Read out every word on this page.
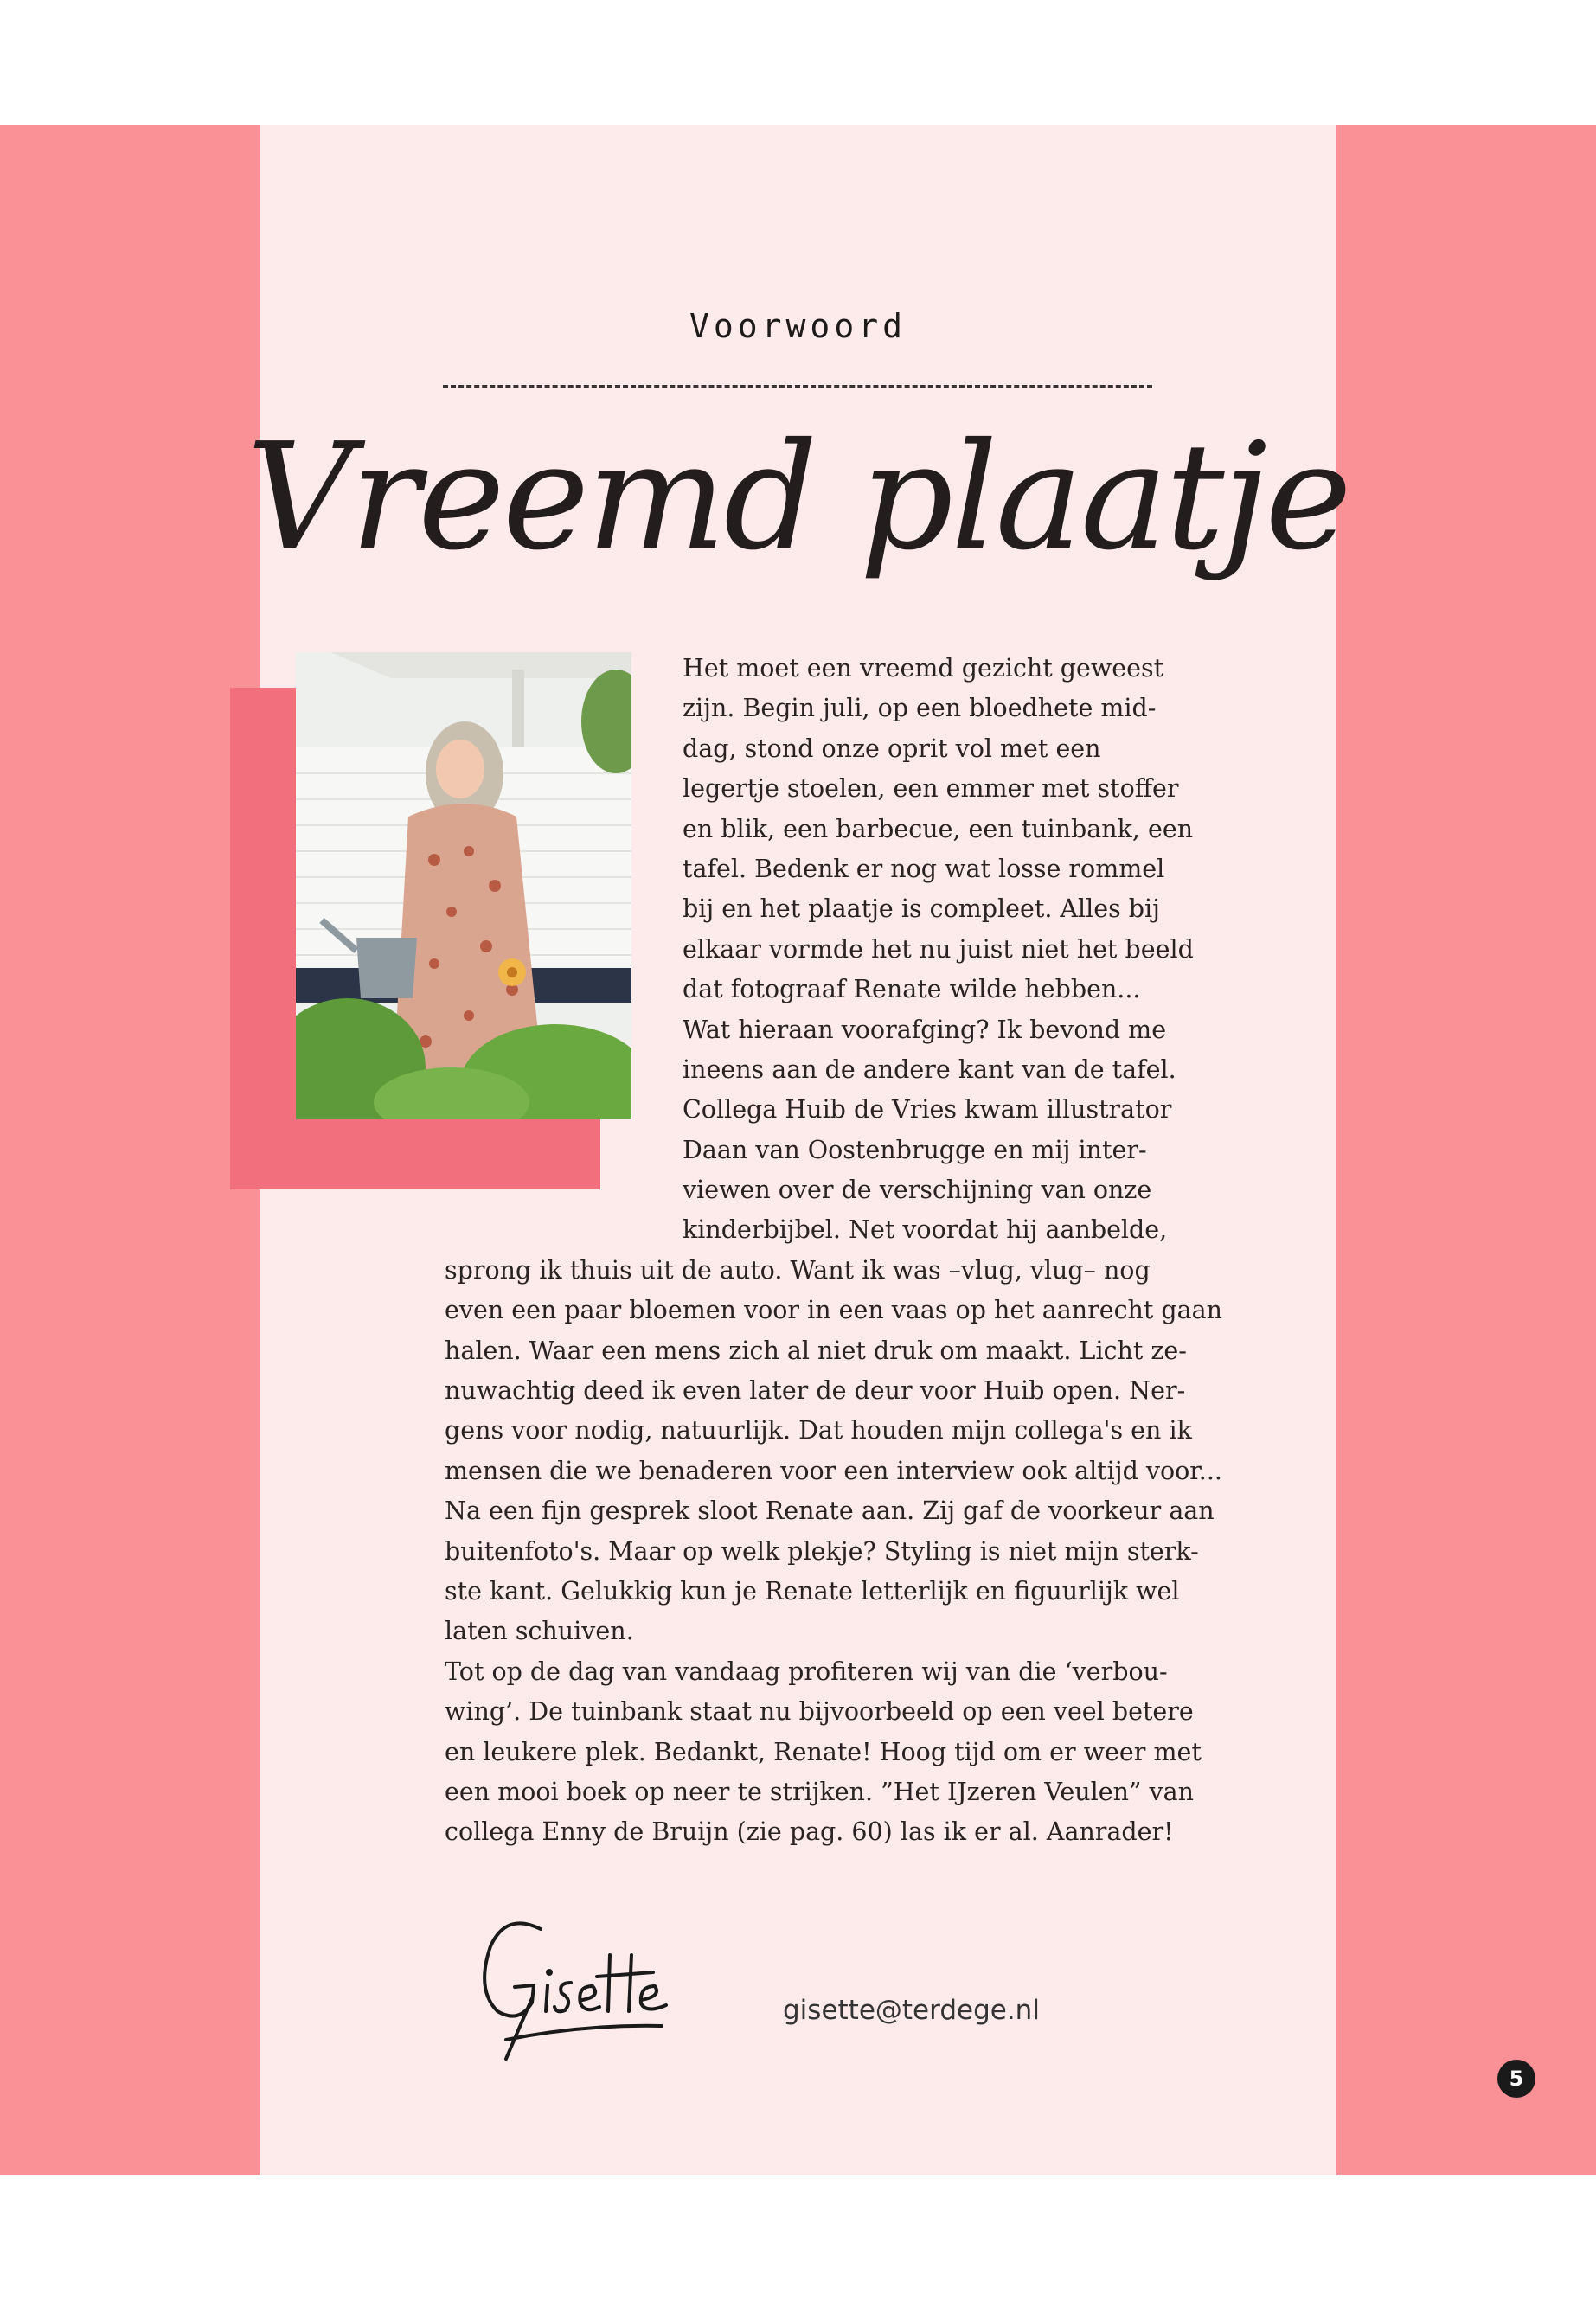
Voorwoord
Vreemd plaatje
Het moet een vreemd gezicht geweest
zijn. Begin juli, op een bloedhete mid-
dag, stond onze oprit vol met een
legertje stoelen, een emmer met stoffer
en blik, een barbecue, een tuinbank, een
tafel. Bedenk er nog wat losse rommel
bij en het plaatje is compleet. Alles bij
elkaar vormde het nu juist niet het beeld
dat fotograaf Renate wilde hebben...
Wat hieraan voorafging? Ik bevond me
ineens aan de andere kant van de tafel.
Collega Huib de Vries kwam illustrator
Daan van Oostenbrugge en mij inter-
viewen over de verschijning van onze
kinderbijbel. Net voordat hij aanbelde,
sprong ik thuis uit de auto. Want ik was –vlug, vlug– nog
even een paar bloemen voor in een vaas op het aanrecht gaan
halen. Waar een mens zich al niet druk om maakt. Licht ze-
nuwachtig deed ik even later de deur voor Huib open. Ner-
gens voor nodig, natuurlijk. Dat houden mijn collega's en ik
mensen die we benaderen voor een interview ook altijd voor...
Na een fijn gesprek sloot Renate aan. Zij gaf de voorkeur aan
buitenfoto's. Maar op welk plekje? Styling is niet mijn sterk-
ste kant. Gelukkig kun je Renate letterlijk en figuurlijk wel
laten schuiven.
Tot op de dag van vandaag profiteren wij van die ‘verbou-
wing’. De tuinbank staat nu bijvoorbeeld op een veel betere
en leukere plek. Bedankt, Renate! Hoog tijd om er weer met
een mooi boek op neer te strijken. ”Het IJzeren Veulen” van
collega Enny de Bruijn (zie pag. 60) las ik er al. Aanrader!
gisette@terdege.nl
5
